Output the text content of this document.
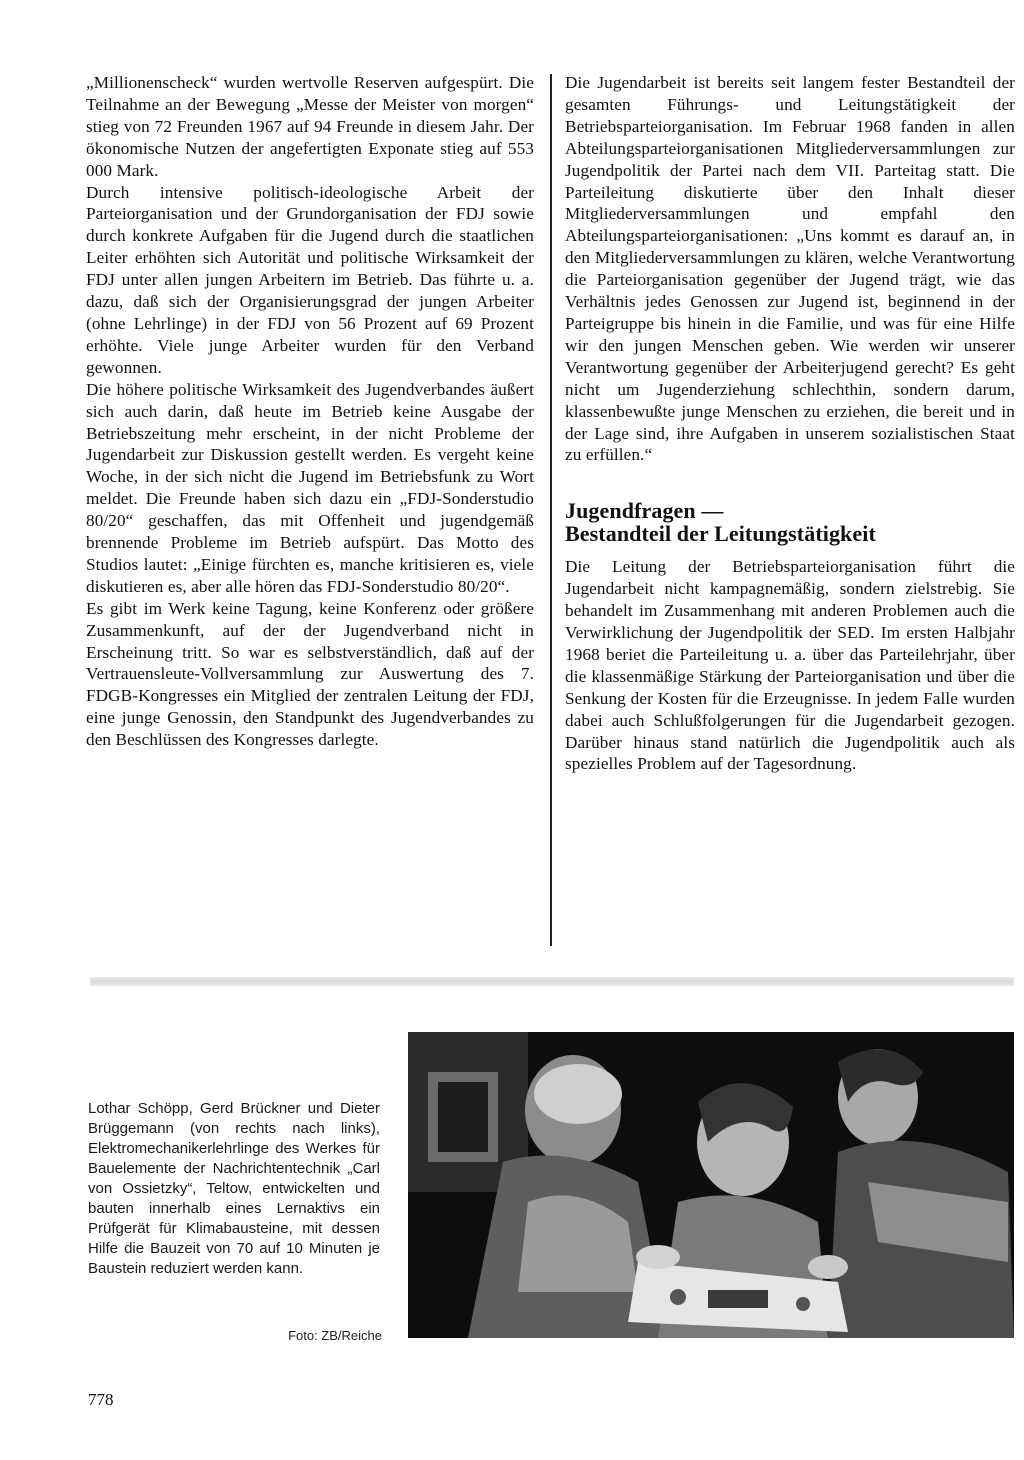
„Millionenscheck“ wurden wertvolle Reserven aufgespürt. Die Teilnahme an der Bewegung „Messe der Meister von morgen“ stieg von 72 Freunden 1967 auf 94 Freunde in diesem Jahr. Der ökonomische Nutzen der angefertigten Exponate stieg auf 553 000 Mark.

Durch intensive politisch-ideologische Arbeit der Parteiorganisation und der Grundorganisation der FDJ sowie durch konkrete Aufgaben für die Jugend durch die staatlichen Leiter erhöhten sich Autorität und politische Wirksamkeit der FDJ unter allen jungen Arbeitern im Betrieb. Das führte u. a. dazu, daß sich der Organisierungsgrad der jungen Arbeiter (ohne Lehrlinge) in der FDJ von 56 Prozent auf 69 Prozent erhöhte. Viele junge Arbeiter wurden für den Verband gewonnen.

Die höhere politische Wirksamkeit des Jugendverbandes äußert sich auch darin, daß heute im Betrieb keine Ausgabe der Betriebszeitung mehr erscheint, in der nicht Probleme der Jugendarbeit zur Diskussion gestellt werden. Es vergeht keine Woche, in der sich nicht die Jugend im Betriebsfunk zu Wort meldet. Die Freunde haben sich dazu ein „FDJ-Sonderstudio 80/20“ geschaffen, das mit Offenheit und jugendgemäß brennende Probleme im Betrieb aufspürt. Das Motto des Studios lautet: „Einige fürchten es, manche kritisieren es, viele diskutieren es, aber alle hören das FDJ-Sonderstudio 80/20“.

Es gibt im Werk keine Tagung, keine Konferenz oder größere Zusammenkunft, auf der der Jugendverband nicht in Erscheinung tritt. So war es selbstverständlich, daß auf der Vertrauensleute-Vollversammlung zur Auswertung des 7. FDGB-Kongresses ein Mitglied der zentralen Leitung der FDJ, eine junge Genossin, den Standpunkt des Jugendverbandes zu den Beschlüssen des Kongresses darlegte.

Die Jugendarbeit ist bereits seit langem fester Bestandteil der gesamten Führungs- und Leitungstätigkeit der Betriebsparteiorganisation. Im Februar 1968 fanden in allen Abteilungsparteiorganisationen Mitgliederversammlungen zur Jugendpolitik der Partei nach dem VII. Parteitag statt. Die Parteileitung diskutierte über den Inhalt dieser Mitgliederversammlungen und empfahl den Abteilungsparteiorganisationen: „Uns kommt es darauf an, in den Mitgliederversammlungen zu klären, welche Verantwortung die Parteiorganisation gegenüber der Jugend trägt, wie das Verhältnis jedes Genossen zur Jugend ist, beginnend in der Parteigruppe bis hinein in die Familie, und was für eine Hilfe wir den jungen Menschen geben. Wie werden wir unserer Verantwortung gegenüber der Arbeiterjugend gerecht? Es geht nicht um Jugenderziehung schlechthin, sondern darum, klassenbewußte junge Menschen zu erziehen, die bereit und in der Lage sind, ihre Aufgaben in unserem sozialistischen Staat zu erfüllen.“

Jugendfragen —
Bestandteil der Leitungstätigkeit

Die Leitung der Betriebsparteiorganisation führt die Jugendarbeit nicht kampagnemäßig, sondern zielstrebig. Sie behandelt im Zusammenhang mit anderen Problemen auch die Verwirklichung der Jugendpolitik der SED. Im ersten Halbjahr 1968 beriet die Parteileitung u. a. über das Parteilehrjahr, über die klassenmäßige Stärkung der Parteiorganisation und über die Senkung der Kosten für die Erzeugnisse. In jedem Falle wurden dabei auch Schlußfolgerungen für die Jugendarbeit gezogen. Darüber hinaus stand natürlich die Jugendpolitik auch als spezielles Problem auf der Tagesordnung.

Lothar Schöpp, Gerd Brückner und Dieter Brüggemann (von rechts nach links), Elektromechanikerlehrlinge des Werkes für Bauelemente der Nachrichtentechnik „Carl von Ossietzky“, Teltow, entwickelten und bauten innerhalb eines Lernaktivs ein Prüfgerät für Klimabausteine, mit dessen Hilfe die Bauzeit von 70 auf 10 Minuten je Baustein reduziert werden kann.

Foto: ZB/Reiche
778
